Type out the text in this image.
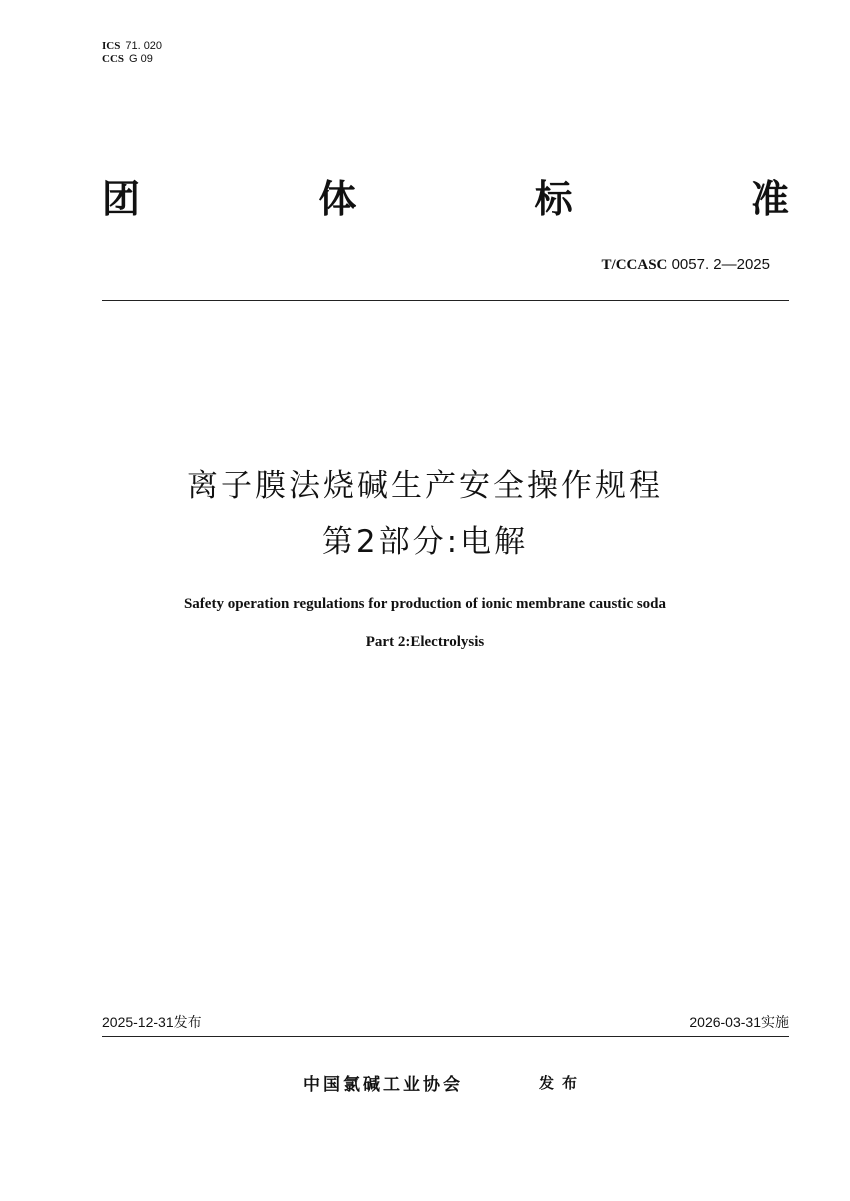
ICS 71. 020
CCS G 09
团	体	标	准
T/CCASC 0057. 2—2025
离子膜法烧碱生产安全操作规程
第2部分:电解
Safety operation regulations for production of ionic membrane caustic soda
Part 2:Electrolysis
2025-12-31发布	2026-03-31实施
中国氯碱工业协会	发布
